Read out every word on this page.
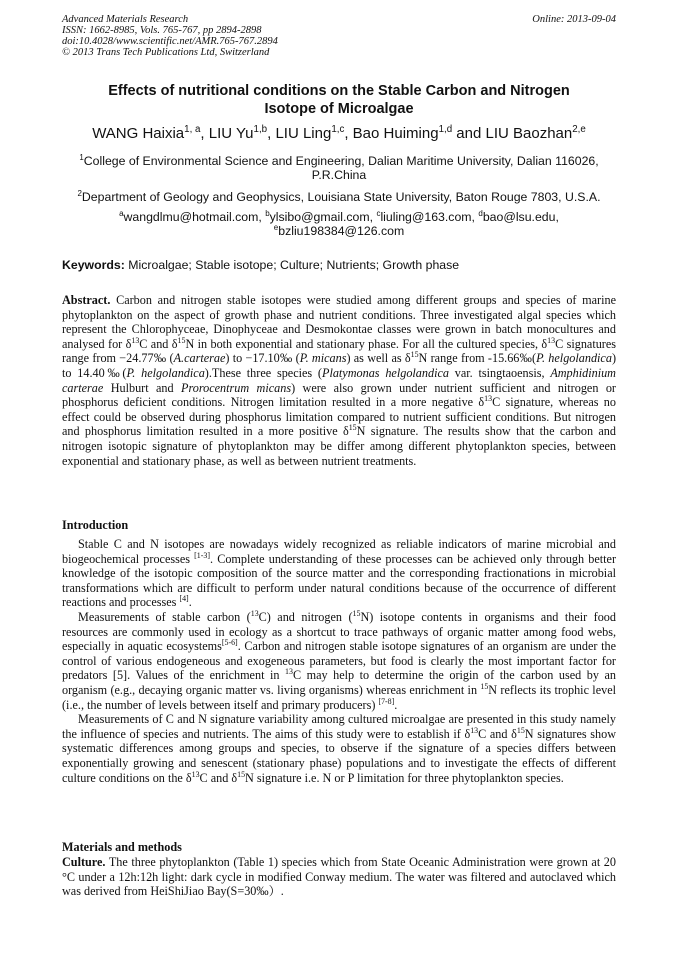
Advanced Materials Research
ISSN: 1662-8985, Vols. 765-767, pp 2894-2898
doi:10.4028/www.scientific.net/AMR.765-767.2894
© 2013 Trans Tech Publications Ltd, Switzerland
Online: 2013-09-04
Effects of nutritional conditions on the Stable Carbon and Nitrogen
Isotope of Microalgae
WANG Haixia$^{1, a}$, LIU Yu$^{1,b}$, LIU Ling$^{1,c}$, Bao Huiming$^{1,d}$ and LIU Baozhan$^{2,e}$
$^1$College of Environmental Science and Engineering, Dalian Maritime University, Dalian 116026,
P.R.China
$^2$Department of Geology and Geophysics, Louisiana State University, Baton Rouge 7803, U.S.A.
$^a$wangdlmu@hotmail.com, $^b$ylsibo@gmail.com, $^c$liuling@163.com, $^d$bao@lsu.edu,
$^e$bzliu198384@126.com
Keywords: Microalgae; Stable isotope; Culture; Nutrients; Growth phase
Abstract. Carbon and nitrogen stable isotopes were studied among different groups and species of marine phytoplankton on the aspect of growth phase and nutrient conditions. Three investigated algal species which represent the Chlorophyceae, Dinophyceae and Desmokontae classes were grown in batch monocultures and analysed for $\delta^{13}C$ and $\delta^{15}N$ in both exponential and stationary phase. For all the cultured species, $\delta^{13}C$ signatures range from −24.77‰ (A.carterae) to −17.10‰ (P. micans) as well as $\delta^{15}N$ range from -15.66‰(P. helgolandica) to 14.40‰(P. helgolandica).These three species (Platymonas helgolandica var. tsingtaoensis, Amphidinium carterae Hulburt and Prorocentrum micans) were also grown under nutrient sufficient and nitrogen or phosphorus deficient conditions. Nitrogen limitation resulted in a more negative $\delta^{13}C$ signature, whereas no effect could be observed during phosphorus limitation compared to nutrient sufficient conditions. But nitrogen and phosphorus limitation resulted in a more positive $\delta^{15}N$ signature. The results show that the carbon and nitrogen isotopic signature of phytoplankton may be differ among different phytoplankton species, between exponential and stationary phase, as well as between nutrient treatments.
Introduction

Stable C and N isotopes are nowadays widely recognized as reliable indicators of marine microbial and biogeochemical processes [1-3]. Complete understanding of these processes can be achieved only through better knowledge of the isotopic composition of the source matter and the corresponding fractionations in microbial transformations which are difficult to perform under natural conditions because of the occurrence of different reactions and processes [4].

Measurements of stable carbon ($^{13}$C) and nitrogen ($^{15}$N) isotope contents in organisms and their food resources are commonly used in ecology as a shortcut to trace pathways of organic matter among food webs, especially in aquatic ecosystems[5-6]. Carbon and nitrogen stable isotope signatures of an organism are under the control of various endogeneous and exogeneous parameters, but food is clearly the most important factor for predators [5]. Values of the enrichment in $^{13}$C may help to determine the origin of the carbon used by an organism (e.g., decaying organic matter vs. living organisms) whereas enrichment in $^{15}$N reflects its trophic level (i.e., the number of levels between itself and primary producers) [7-8].

Measurements of C and N signature variability among cultured microalgae are presented in this study namely the influence of species and nutrients. The aims of this study were to establish if $\delta^{13}C$ and $\delta^{15}N$ signatures show systematic differences among groups and species, to observe if the signature of a species differs between exponentially growing and senescent (stationary phase) populations and to investigate the effects of different culture conditions on the $\delta^{13}C$ and $\delta^{15}N$ signature i.e. N or P limitation for three phytoplankton species.

Materials and methods
Culture. The three phytoplankton (Table 1) species which from State Oceanic Administration were grown at 20 °C under a 12h:12h light: dark cycle in modified Conway medium. The water was filtered and autoclaved which was derived from HeiShiJiao Bay(S=30‰）.
